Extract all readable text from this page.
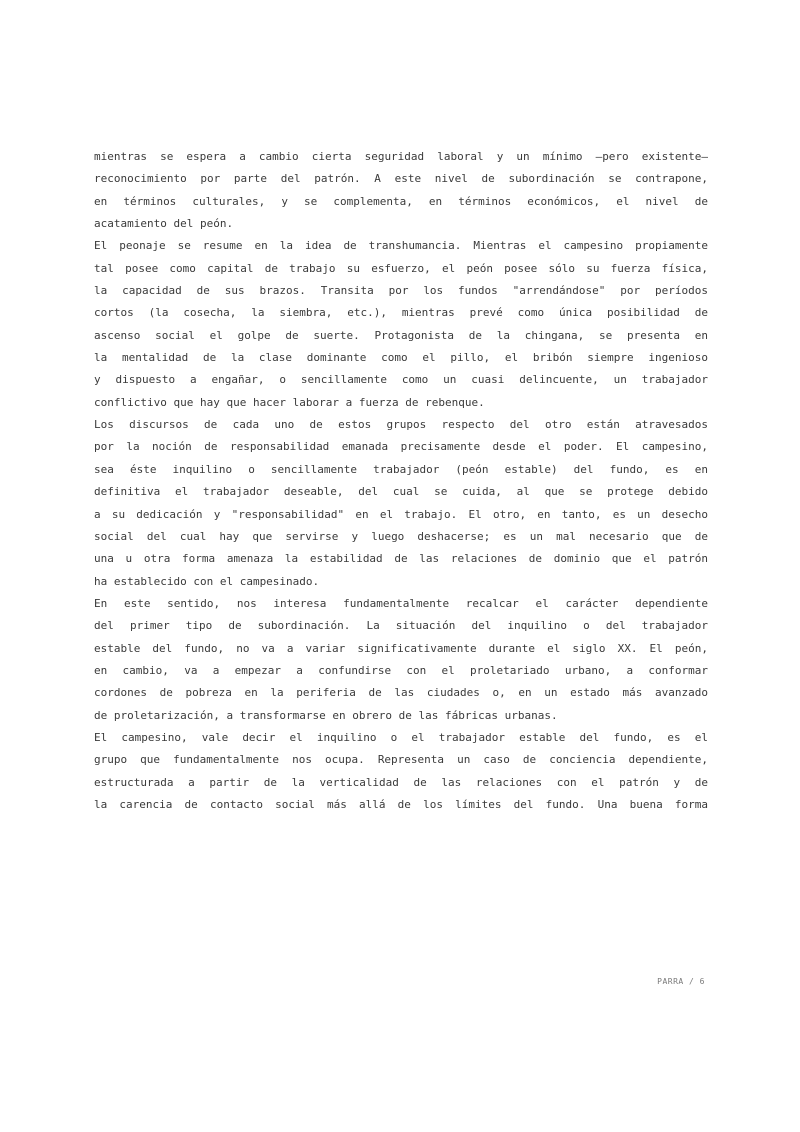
mientras se espera a cambio cierta seguridad laboral y un mínimo —pero existente—
reconocimiento por parte del patrón. A este nivel de subordinación se contrapone,
en términos culturales, y se complementa, en términos económicos, el nivel de
acatamiento del peón.
El peonaje se resume en la idea de transhumancia. Mientras el campesino propiamente
tal posee como capital de trabajo su esfuerzo, el peón posee sólo su fuerza física,
la capacidad de sus brazos. Transita por los fundos "arrendándose" por períodos
cortos (la cosecha, la siembra, etc.), mientras prevé como única posibilidad de
ascenso social el golpe de suerte. Protagonista de la chingana, se presenta en
la mentalidad de la clase dominante como el pillo, el bribón siempre ingenioso
y dispuesto a engañar, o sencillamente como un cuasi delincuente, un trabajador
conflictivo que hay que hacer laborar a fuerza de rebenque.
Los discursos de cada uno de estos grupos respecto del otro están atravesados
por la noción de responsabilidad emanada precisamente desde el poder. El campesino,
sea éste inquilino o sencillamente trabajador (peón estable) del fundo, es en
definitiva el trabajador deseable, del cual se cuida, al que se protege debido
a su dedicación y "responsabilidad" en el trabajo. El otro, en tanto, es un desecho
social del cual hay que servirse y luego deshacerse; es un mal necesario que de
una u otra forma amenaza la estabilidad de las relaciones de dominio que el patrón
ha establecido con el campesinado.
En este sentido, nos interesa fundamentalmente recalcar el carácter dependiente
del primer tipo de subordinación. La situación del inquilino o del trabajador
estable del fundo, no va a variar significativamente durante el siglo XX. El peón,
en cambio, va a empezar a confundirse con el proletariado urbano, a conformar
cordones de pobreza en la periferia de las ciudades o, en un estado más avanzado
de proletarización, a transformarse en obrero de las fábricas urbanas.
El campesino, vale decir el inquilino o el trabajador estable del fundo, es el
grupo que fundamentalmente nos ocupa. Representa un caso de conciencia dependiente,
estructurada a partir de la verticalidad de las relaciones con el patrón y de
la carencia de contacto social más allá de los límites del fundo. Una buena forma
PARRA / 6
